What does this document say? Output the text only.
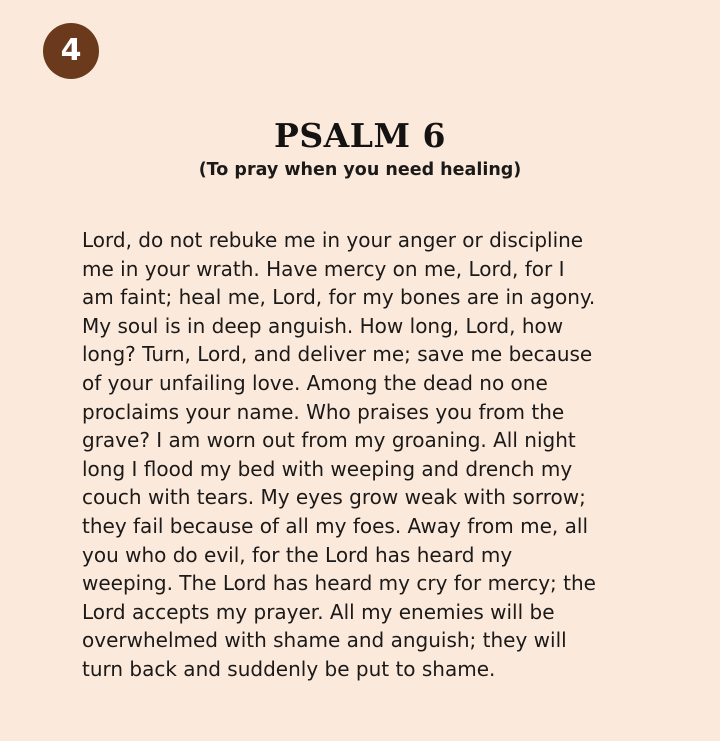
4
PSALM 6
(To pray when you need healing)

Lord, do not rebuke me in your anger or discipline
me in your wrath. Have mercy on me, Lord, for I
am faint; heal me, Lord, for my bones are in agony.
My soul is in deep anguish. How long, Lord, how
long? Turn, Lord, and deliver me; save me because
of your unfailing love. Among the dead no one
proclaims your name. Who praises you from the
grave? I am worn out from my groaning. All night
long I flood my bed with weeping and drench my
couch with tears. My eyes grow weak with sorrow;
they fail because of all my foes. Away from me, all
you who do evil, for the Lord has heard my
weeping. The Lord has heard my cry for mercy; the
Lord accepts my prayer. All my enemies will be
overwhelmed with shame and anguish; they will
turn back and suddenly be put to shame.
